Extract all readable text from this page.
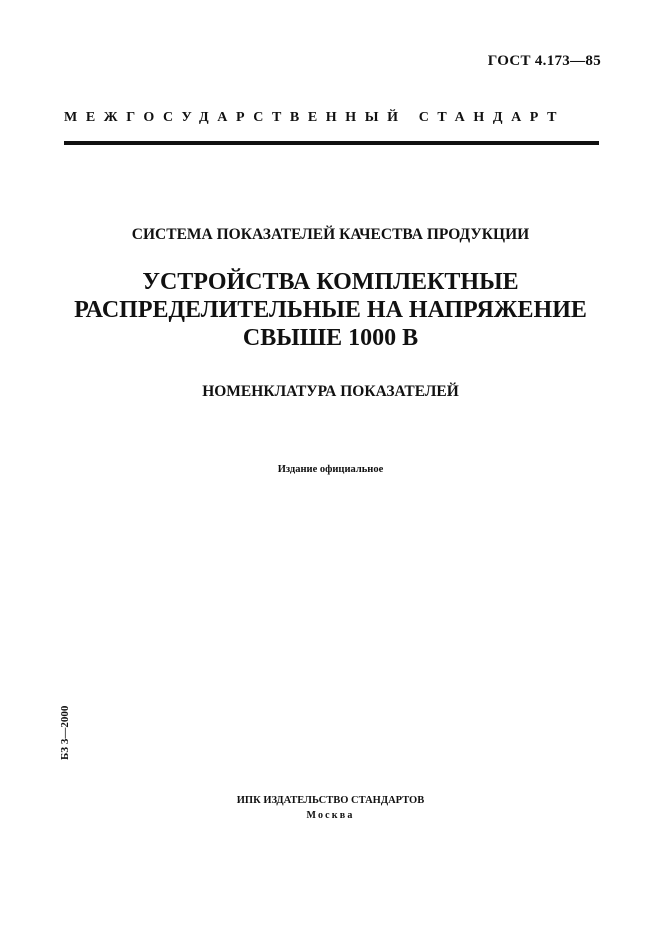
ГОСТ 4.173—85
МЕЖГОСУДАРСТВЕННЫЙ СТАНДАРТ
СИСТЕМА ПОКАЗАТЕЛЕЙ КАЧЕСТВА ПРОДУКЦИИ
УСТРОЙСТВА КОМПЛЕКТНЫЕ
РАСПРЕДЕЛИТЕЛЬНЫЕ НА НАПРЯЖЕНИЕ
СВЫШЕ 1000 В
НОМЕНКЛАТУРА ПОКАЗАТЕЛЕЙ
Издание официальное
БЗ 3—2000
ИПК ИЗДАТЕЛЬСТВО СТАНДАРТОВ
Москва
